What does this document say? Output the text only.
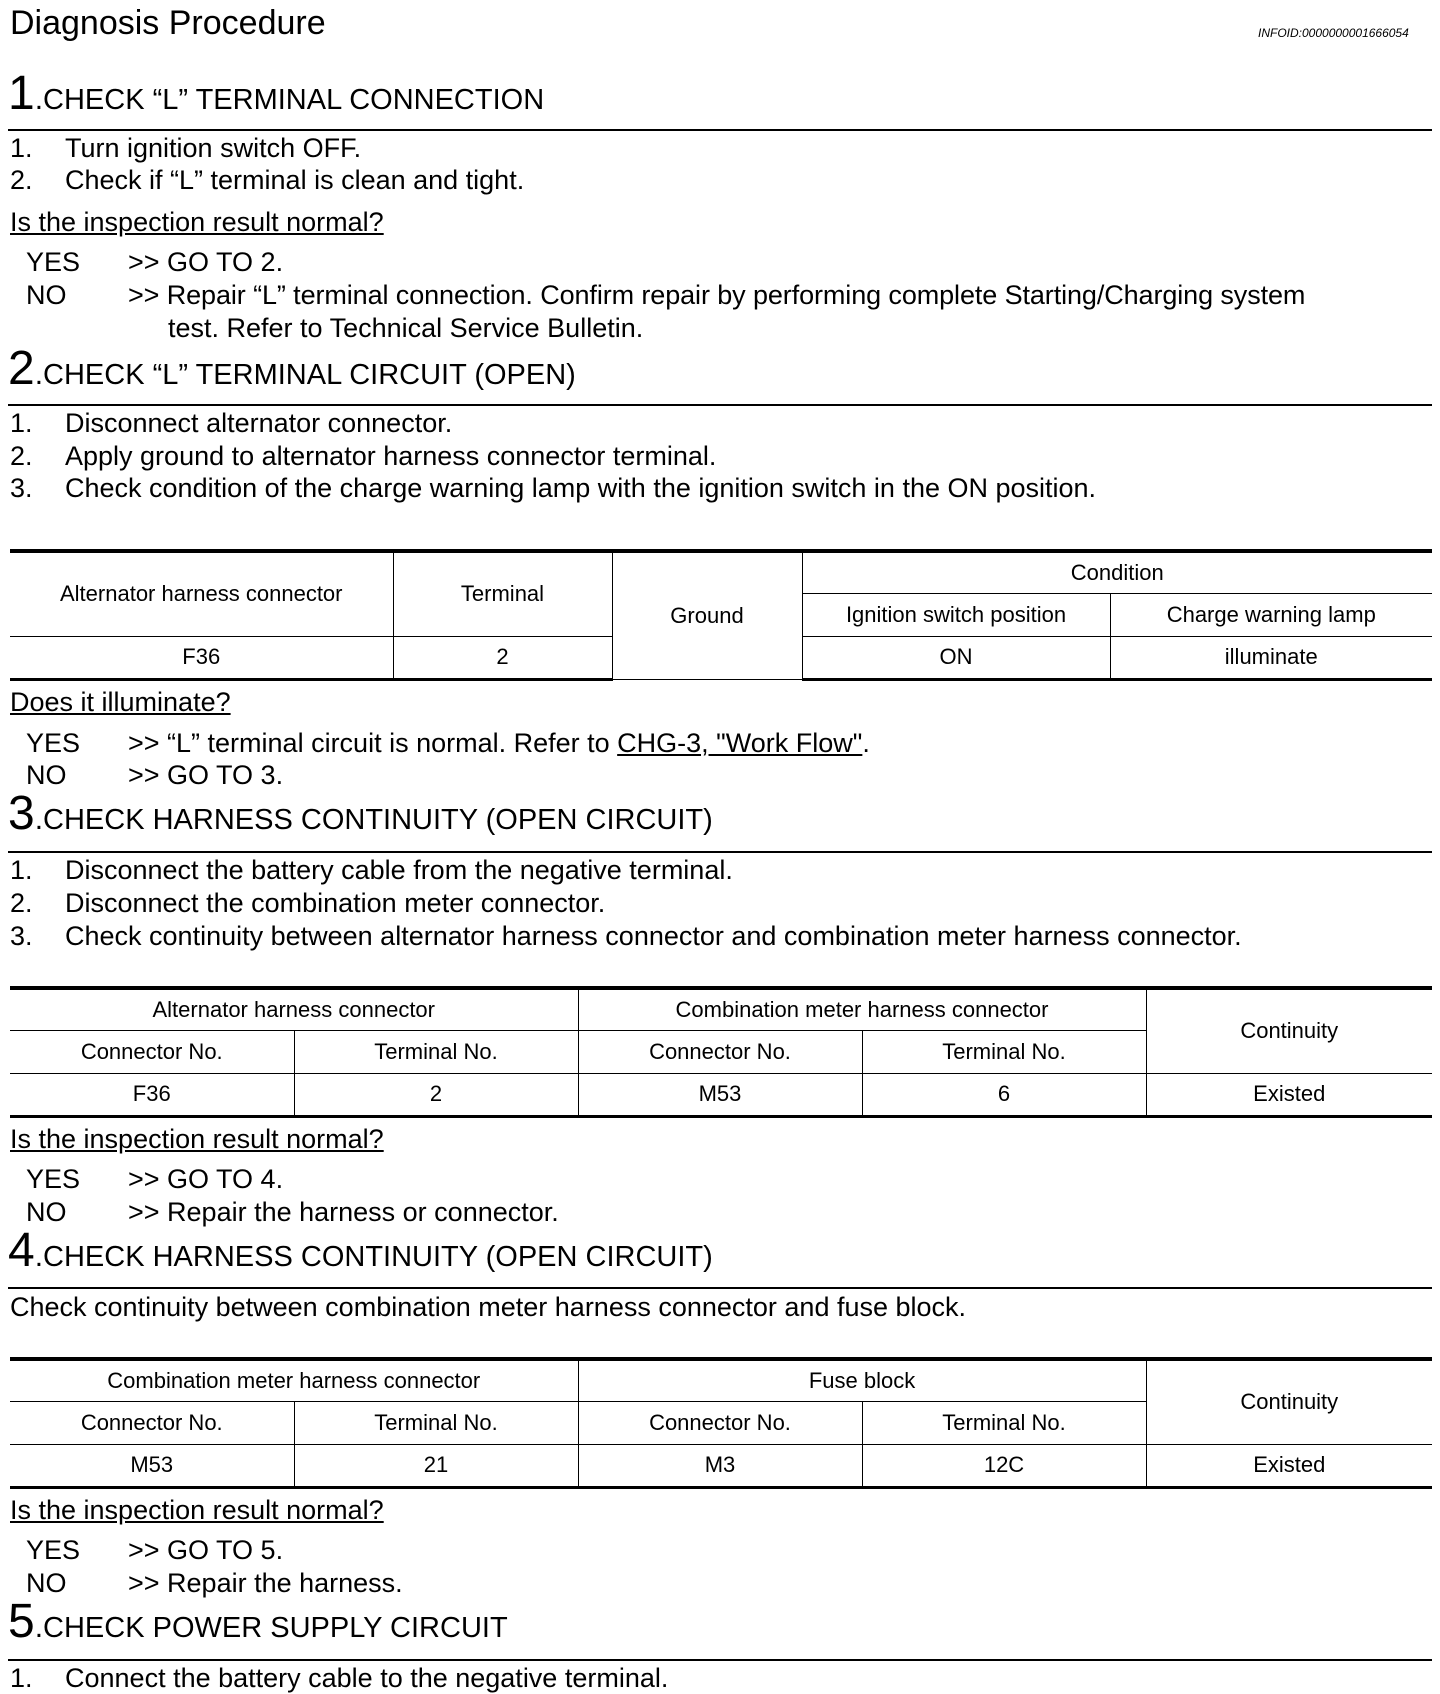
Diagnosis Procedure	INFOID:0000000001666054
1.CHECK “L” TERMINAL CONNECTION
1. Turn ignition switch OFF.
2. Check if “L” terminal is clean and tight.
Is the inspection result normal?
YES >> GO TO 2.
NO >> Repair “L” terminal connection. Confirm repair by performing complete Starting/Charging system
test. Refer to Technical Service Bulletin.
2.CHECK “L” TERMINAL CIRCUIT (OPEN)
1. Disconnect alternator connector.
2. Apply ground to alternator harness connector terminal.
3. Check condition of the charge warning lamp with the ignition switch in the ON position.
Alternator harness connector	Terminal	Ground	Condition	
			Ignition switch position	Charge warning lamp
F36	2		ON	illuminate
Does it illuminate?
YES >> “L” terminal circuit is normal. Refer to CHG-3, "Work Flow".
NO >> GO TO 3.
3.CHECK HARNESS CONTINUITY (OPEN CIRCUIT)
1. Disconnect the battery cable from the negative terminal.
2. Disconnect the combination meter connector.
3. Check continuity between alternator harness connector and combination meter harness connector.
Alternator harness connector		Combination meter harness connector		Continuity
Connector No.	Terminal No.	Connector No.	Terminal No.	
F36	2	M53	6	Existed
Is the inspection result normal?
YES >> GO TO 4.
NO >> Repair the harness or connector.
4.CHECK HARNESS CONTINUITY (OPEN CIRCUIT)
Check continuity between combination meter harness connector and fuse block.
Combination meter harness connector		Fuse block		Continuity
Connector No.	Terminal No.	Connector No.	Terminal No.	
M53	21	M3	12C	Existed
Is the inspection result normal?
YES >> GO TO 5.
NO >> Repair the harness.
5.CHECK POWER SUPPLY CIRCUIT
1. Connect the battery cable to the negative terminal.
